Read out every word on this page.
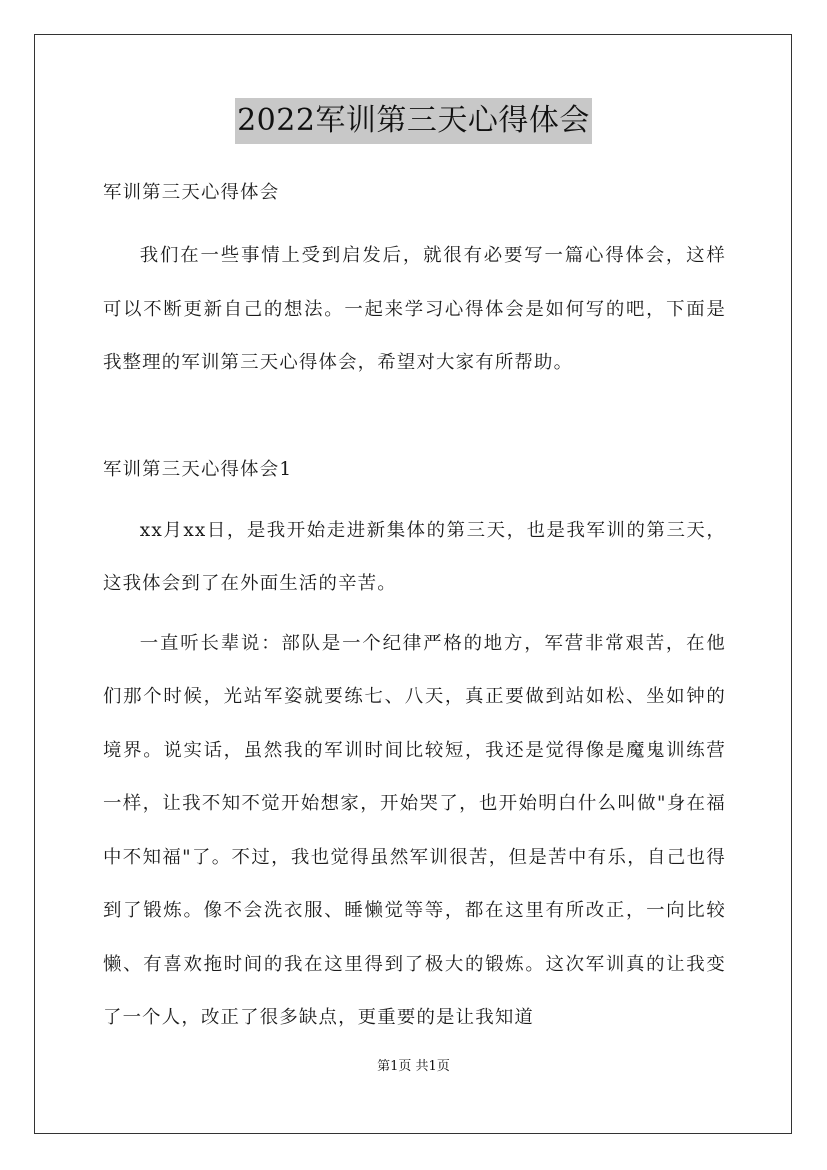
2022军训第三天心得体会

军训第三天心得体会

我们在一些事情上受到启发后，就很有必要写一篇心得体会，这样可以不断更新自己的想法。一起来学习心得体会是如何写的吧，下面是我整理的军训第三天心得体会，希望对大家有所帮助。

军训第三天心得体会1

xx月xx日，是我开始走进新集体的第三天，也是我军训的第三天，这我体会到了在外面生活的辛苦。

一直听长辈说：部队是一个纪律严格的地方，军营非常艰苦，在他们那个时候，光站军姿就要练七、八天，真正要做到站如松、坐如钟的境界。说实话，虽然我的军训时间比较短，我还是觉得像是魔鬼训练营一样，让我不知不觉开始想家，开始哭了，也开始明白什么叫做"身在福中不知福"了。不过，我也觉得虽然军训很苦，但是苦中有乐，自己也得到了锻炼。像不会洗衣服、睡懒觉等等，都在这里有所改正，一向比较懒、有喜欢拖时间的我在这里得到了极大的锻炼。这次军训真的让我变了一个人，改正了很多缺点，更重要的是让我知道

第1页 共1页
